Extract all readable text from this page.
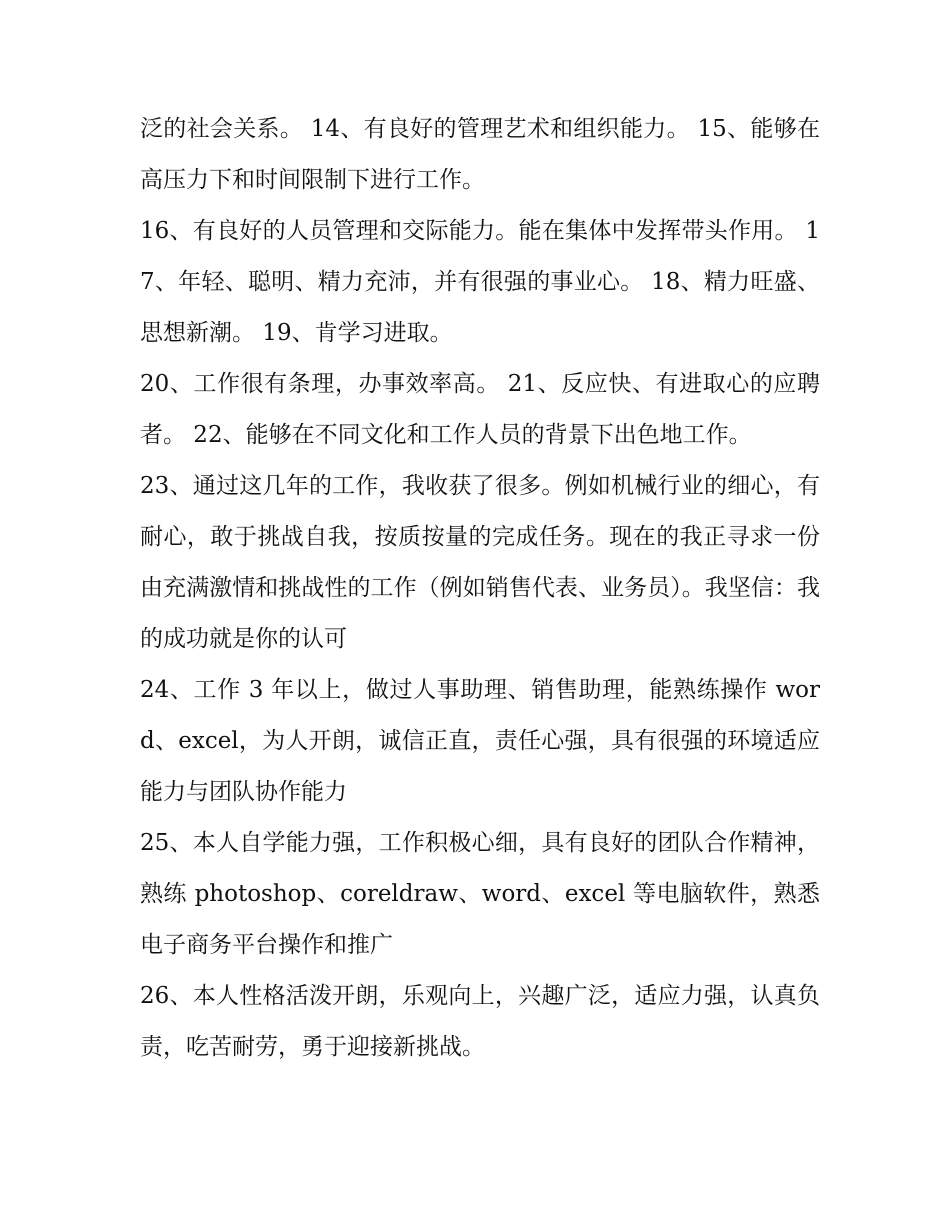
泛的社会关系。 14、有良好的管理艺术和组织能力。 15、能够在高压力下和时间限制下进行工作。

16、有良好的人员管理和交际能力。能在集体中发挥带头作用。 17、年轻、聪明、精力充沛，并有很强的事业心。 18、精力旺盛、思想新潮。 19、肯学习进取。

20、工作很有条理，办事效率高。 21、反应快、有进取心的应聘者。 22、能够在不同文化和工作人员的背景下出色地工作。

23、通过这几年的工作，我收获了很多。例如机械行业的细心，有耐心，敢于挑战自我，按质按量的完成任务。现在的我正寻求一份由充满激情和挑战性的工作（例如销售代表、业务员）。我坚信：我的成功就是你的认可

24、工作 3 年以上，做过人事助理、销售助理，能熟练操作 word、excel，为人开朗，诚信正直，责任心强，具有很强的环境适应能力与团队协作能力

25、本人自学能力强，工作积极心细，具有良好的团队合作精神，熟练 photoshop、coreldraw、word、excel 等电脑软件，熟悉电子商务平台操作和推广

26、本人性格活泼开朗，乐观向上，兴趣广泛，适应力强，认真负责，吃苦耐劳，勇于迎接新挑战。
